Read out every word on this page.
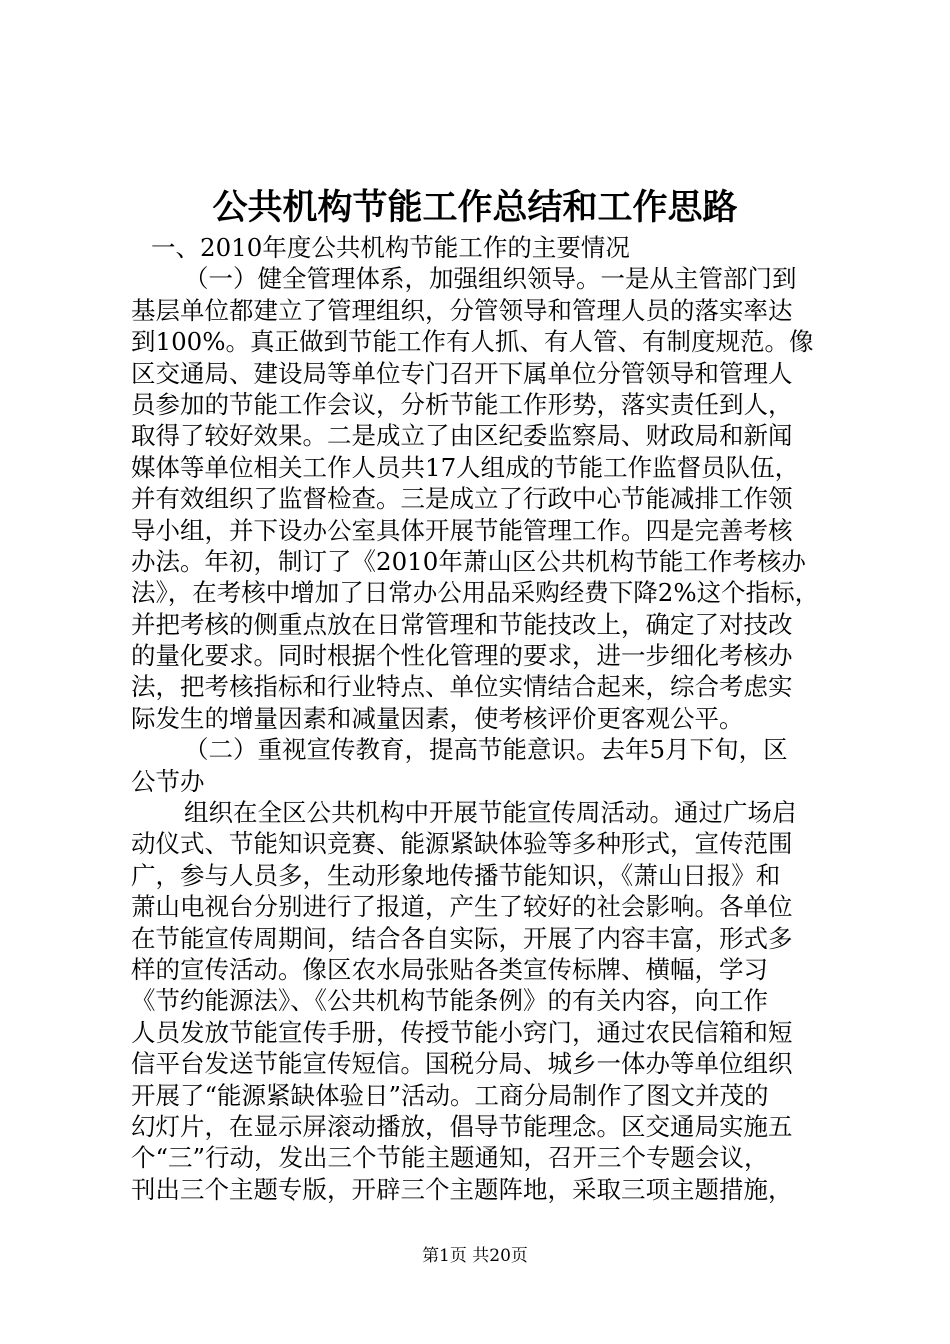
公共机构节能工作总结和工作思路
一、2010年度公共机构节能工作的主要情况
（一）健全管理体系，加强组织领导。一是从主管部门到
基层单位都建立了管理组织，分管领导和管理人员的落实率达
到100%。真正做到节能工作有人抓、有人管、有制度规范。像
区交通局、建设局等单位专门召开下属单位分管领导和管理人
员参加的节能工作会议，分析节能工作形势，落实责任到人，
取得了较好效果。二是成立了由区纪委监察局、财政局和新闻
媒体等单位相关工作人员共17人组成的节能工作监督员队伍，
并有效组织了监督检查。三是成立了行政中心节能减排工作领
导小组，并下设办公室具体开展节能管理工作。四是完善考核
办法。年初，制订了《2010年萧山区公共机构节能工作考核办
法》，在考核中增加了日常办公用品采购经费下降2%这个指标，
并把考核的侧重点放在日常管理和节能技改上，确定了对技改
的量化要求。同时根据个性化管理的要求，进一步细化考核办
法，把考核指标和行业特点、单位实情结合起来，综合考虑实
际发生的增量因素和减量因素，使考核评价更客观公平。
（二）重视宣传教育，提高节能意识。去年5月下旬，区
公节办
组织在全区公共机构中开展节能宣传周活动。通过广场启
动仪式、节能知识竞赛、能源紧缺体验等多种形式，宣传范围
广，参与人员多，生动形象地传播节能知识，《萧山日报》和
萧山电视台分别进行了报道，产生了较好的社会影响。各单位
在节能宣传周期间，结合各自实际，开展了内容丰富，形式多
样的宣传活动。像区农水局张贴各类宣传标牌、横幅，学习
《节约能源法》、《公共机构节能条例》的有关内容，向工作
人员发放节能宣传手册，传授节能小窍门，通过农民信箱和短
信平台发送节能宣传短信。国税分局、城乡一体办等单位组织
开展了“能源紧缺体验日”活动。工商分局制作了图文并茂的
幻灯片，在显示屏滚动播放，倡导节能理念。区交通局实施五
个“三”行动，发出三个节能主题通知，召开三个专题会议，
刊出三个主题专版，开辟三个主题阵地，采取三项主题措施，
第1页 共20页
